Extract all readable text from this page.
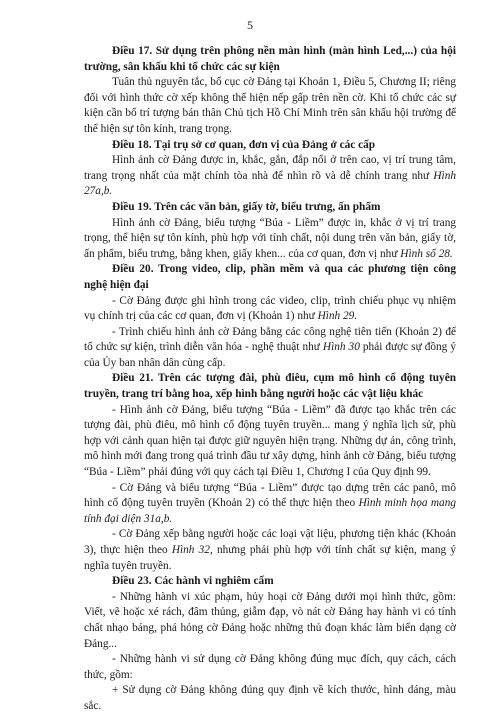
5

Điều 17. Sử dụng trên phông nền màn hình (màn hình Led,...) của hội trường, sân khấu khi tổ chức các sự kiện

Tuân thủ nguyên tắc, bố cục cờ Đảng tại Khoản 1, Điều 5, Chương II; riêng đối với hình thức cờ xếp không thể hiện nếp gấp trên nền cờ. Khi tổ chức các sự kiện cần bố trí tượng bán thân Chủ tịch Hồ Chí Minh trên sân khấu hội trường để thể hiện sự tôn kính, trang trọng.

Điều 18. Tại trụ sở cơ quan, đơn vị của Đảng ở các cấp

Hình ảnh cờ Đảng được in, khắc, gắn, đắp nổi ở trên cao, vị trí trung tâm, trang trọng nhất của mặt chính tòa nhà để nhìn rõ và dễ chính trang như Hình 27a,b.

Điều 19. Trên các văn bản, giấy tờ, biểu trưng, ấn phẩm

Hình ảnh cờ Đảng, biểu tượng “Búa - Liềm” được in, khắc ở vị trí trang trọng, thể hiện sự tôn kính, phù hợp với tính chất, nội dung trên văn bản, giấy tờ, ấn phẩm, biểu trưng, bằng khen, giấy khen... của cơ quan, đơn vị như Hình số 28.

Điều 20. Trong video, clip, phần mềm và qua các phương tiện công nghệ hiện đại

- Cờ Đảng được ghi hình trong các video, clip, trình chiếu phục vụ nhiệm vụ chính trị của các cơ quan, đơn vị (Khoản 1) như Hình 29.

- Trình chiếu hình ảnh cờ Đảng bằng các công nghệ tiên tiến (Khoản 2) để tổ chức sự kiện, trình diễn văn hóa - nghệ thuật như Hình 30 phải được sự đồng ý của Ủy ban nhân dân cùng cấp.

Điều 21. Trên các tượng đài, phù điêu, cụm mô hình cổ động tuyên truyền, trang trí bằng hoa, xếp hình bằng người hoặc các vật liệu khác

- Hình ảnh cờ Đảng, biểu tượng “Búa - Liềm” đã được tạo khắc trên các tượng đài, phù điêu, mô hình cổ động tuyên truyền... mang ý nghĩa lịch sử, phù hợp với cảnh quan hiện tại được giữ nguyên hiện trạng. Những dự án, công trình, mô hình mới đang trong quá trình đầu tư xây dựng, hình ảnh cờ Đảng, biểu tượng “Búa - Liềm” phải đúng với quy cách tại Điều 1, Chương I của Quy định 99.

- Cờ Đảng và biểu tượng “Búa - Liềm” được tạo dựng trên các panô, mô hình cổ động tuyên truyền (Khoản 2) có thể thực hiện theo Hình minh họa mang tính đại diện 31a,b.

- Cờ Đảng xếp bằng người hoặc các loại vật liệu, phương tiện khác (Khoản 3), thực hiện theo Hình 32, nhưng phải phù hợp với tính chất sự kiện, mang ý nghĩa tuyên truyền.

Điều 23. Các hành vi nghiêm cấm

- Những hành vi xúc phạm, hủy hoại cờ Đảng dưới mọi hình thức, gồm: Viết, vẽ hoặc xé rách, đâm thủng, giẫm đạp, vò nát cờ Đảng hay hành vi có tính chất nhạo báng, phá hỏng cờ Đảng hoặc những thủ đoạn khác làm biến dạng cờ Đảng...

- Những hành vi sử dụng cờ Đảng không đúng mục đích, quy cách, cách thức, gồm:

+ Sử dụng cờ Đảng không đúng quy định về kích thước, hình dáng, màu sắc.
